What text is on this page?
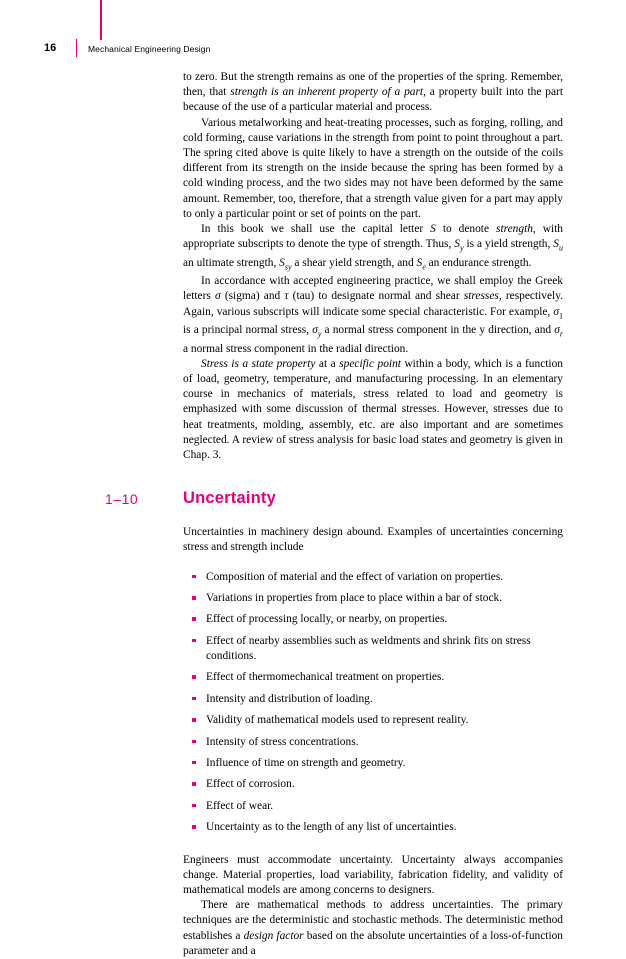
16	Mechanical Engineering Design

to zero. But the strength remains as one of the properties of the spring. Remember, then, that strength is an inherent property of a part, a property built into the part because of the use of a particular material and process.

Various metalworking and heat-treating processes, such as forging, rolling, and cold forming, cause variations in the strength from point to point throughout a part. The spring cited above is quite likely to have a strength on the outside of the coils different from its strength on the inside because the spring has been formed by a cold winding process, and the two sides may not have been deformed by the same amount. Remember, too, therefore, that a strength value given for a part may apply to only a particular point or set of points on the part.

In this book we shall use the capital letter S to denote strength, with appropriate subscripts to denote the type of strength. Thus, $S_y$ is a yield strength, $S_u$ an ultimate strength, $S_{sy}$ a shear yield strength, and $S_e$ an endurance strength.

In accordance with accepted engineering practice, we shall employ the Greek letters σ (sigma) and τ (tau) to designate normal and shear stresses, respectively. Again, various subscripts will indicate some special characteristic. For example, $\sigma_1$ is a principal normal stress, $\sigma_y$ a normal stress component in the y direction, and $\sigma_r$ a normal stress component in the radial direction.

Stress is a state property at a specific point within a body, which is a function of load, geometry, temperature, and manufacturing processing. In an elementary course in mechanics of materials, stress related to load and geometry is emphasized with some discussion of thermal stresses. However, stresses due to heat treatments, molding, assembly, etc. are also important and are sometimes neglected. A review of stress analysis for basic load states and geometry is given in Chap. 3.

1–10	Uncertainty

Uncertainties in machinery design abound. Examples of uncertainties concerning stress and strength include

Composition of material and the effect of variation on properties.
Variations in properties from place to place within a bar of stock.
Effect of processing locally, or nearby, on properties.
Effect of nearby assemblies such as weldments and shrink fits on stress conditions.
Effect of thermomechanical treatment on properties.
Intensity and distribution of loading.
Validity of mathematical models used to represent reality.
Intensity of stress concentrations.
Influence of time on strength and geometry.
Effect of corrosion.
Effect of wear.
Uncertainty as to the length of any list of uncertainties.

Engineers must accommodate uncertainty. Uncertainty always accompanies change. Material properties, load variability, fabrication fidelity, and validity of mathematical models are among concerns to designers.

There are mathematical methods to address uncertainties. The primary techniques are the deterministic and stochastic methods. The deterministic method establishes a design factor based on the absolute uncertainties of a loss-of-function parameter and a
